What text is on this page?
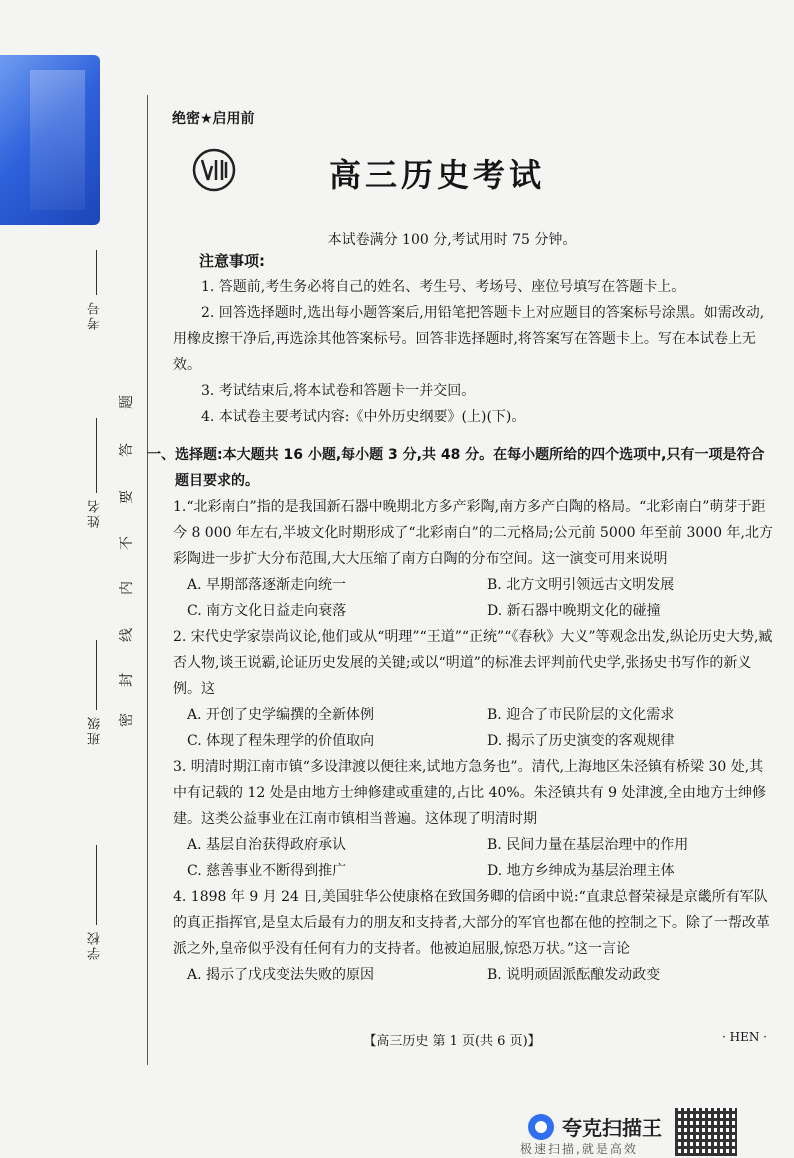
考号
姓名
班级
学校
题
答
要
不
内
线
封
密
绝密★启用前
高三历史考试
本试卷满分 100 分,考试用时 75 分钟。
注意事项:

1. 答题前,考生务必将自己的姓名、考生号、考场号、座位号填写在答题卡上。

2. 回答选择题时,选出每小题答案后,用铅笔把答题卡上对应题目的答案标号涂黑。如需改动,用橡皮擦干净后,再选涂其他答案标号。回答非选择题时,将答案写在答题卡上。写在本试卷上无效。

3. 考试结束后,将本试卷和答题卡一并交回。

4. 本试卷主要考试内容:《中外历史纲要》(上)(下)。

一、选择题:本大题共 16 小题,每小题 3 分,共 48 分。在每小题所给的四个选项中,只有一项是符合题目要求的。

1.“北彩南白”指的是我国新石器中晚期北方多产彩陶,南方多产白陶的格局。“北彩南白”萌芽于距今 8 000 年左右,半坡文化时期形成了“北彩南白”的二元格局;公元前 5000 年至前 3000 年,北方彩陶进一步扩大分布范围,大大压缩了南方白陶的分布空间。这一演变可用来说明

A. 早期部落逐渐走向统一	B. 北方文明引领远古文明发展
C. 南方文化日益走向衰落	D. 新石器中晚期文化的碰撞

2. 宋代史学家崇尚议论,他们或从“明理”“王道”“正统”“《春秋》大义”等观念出发,纵论历史大势,臧否人物,谈王说霸,论证历史发展的关键;或以“明道”的标准去评判前代史学,张扬史书写作的新义例。这

A. 开创了史学编撰的全新体例	B. 迎合了市民阶层的文化需求
C. 体现了程朱理学的价值取向	D. 揭示了历史演变的客观规律

3. 明清时期江南市镇“多设津渡以便往来,试地方急务也”。清代,上海地区朱泾镇有桥梁 30 处,其中有记载的 12 处是由地方士绅修建或重建的,占比 40%。朱泾镇共有 9 处津渡,全由地方士绅修建。这类公益事业在江南市镇相当普遍。这体现了明清时期

A. 基层自治获得政府承认	B. 民间力量在基层治理中的作用
C. 慈善事业不断得到推广	D. 地方乡绅成为基层治理主体

4. 1898 年 9 月 24 日,美国驻华公使康格在致国务卿的信函中说:“直隶总督荣禄是京畿所有军队的真正指挥官,是皇太后最有力的朋友和支持者,大部分的军官也都在他的控制之下。除了一帮改革派之外,皇帝似乎没有任何有力的支持者。他被迫屈服,惊恐万状。”这一言论

A. 揭示了戊戌变法失败的原因	B. 说明顽固派酝酿发动政变
【高三历史 第 1 页(共 6 页)】	· HEN ·
夸克扫描王
极速扫描,就是高效
